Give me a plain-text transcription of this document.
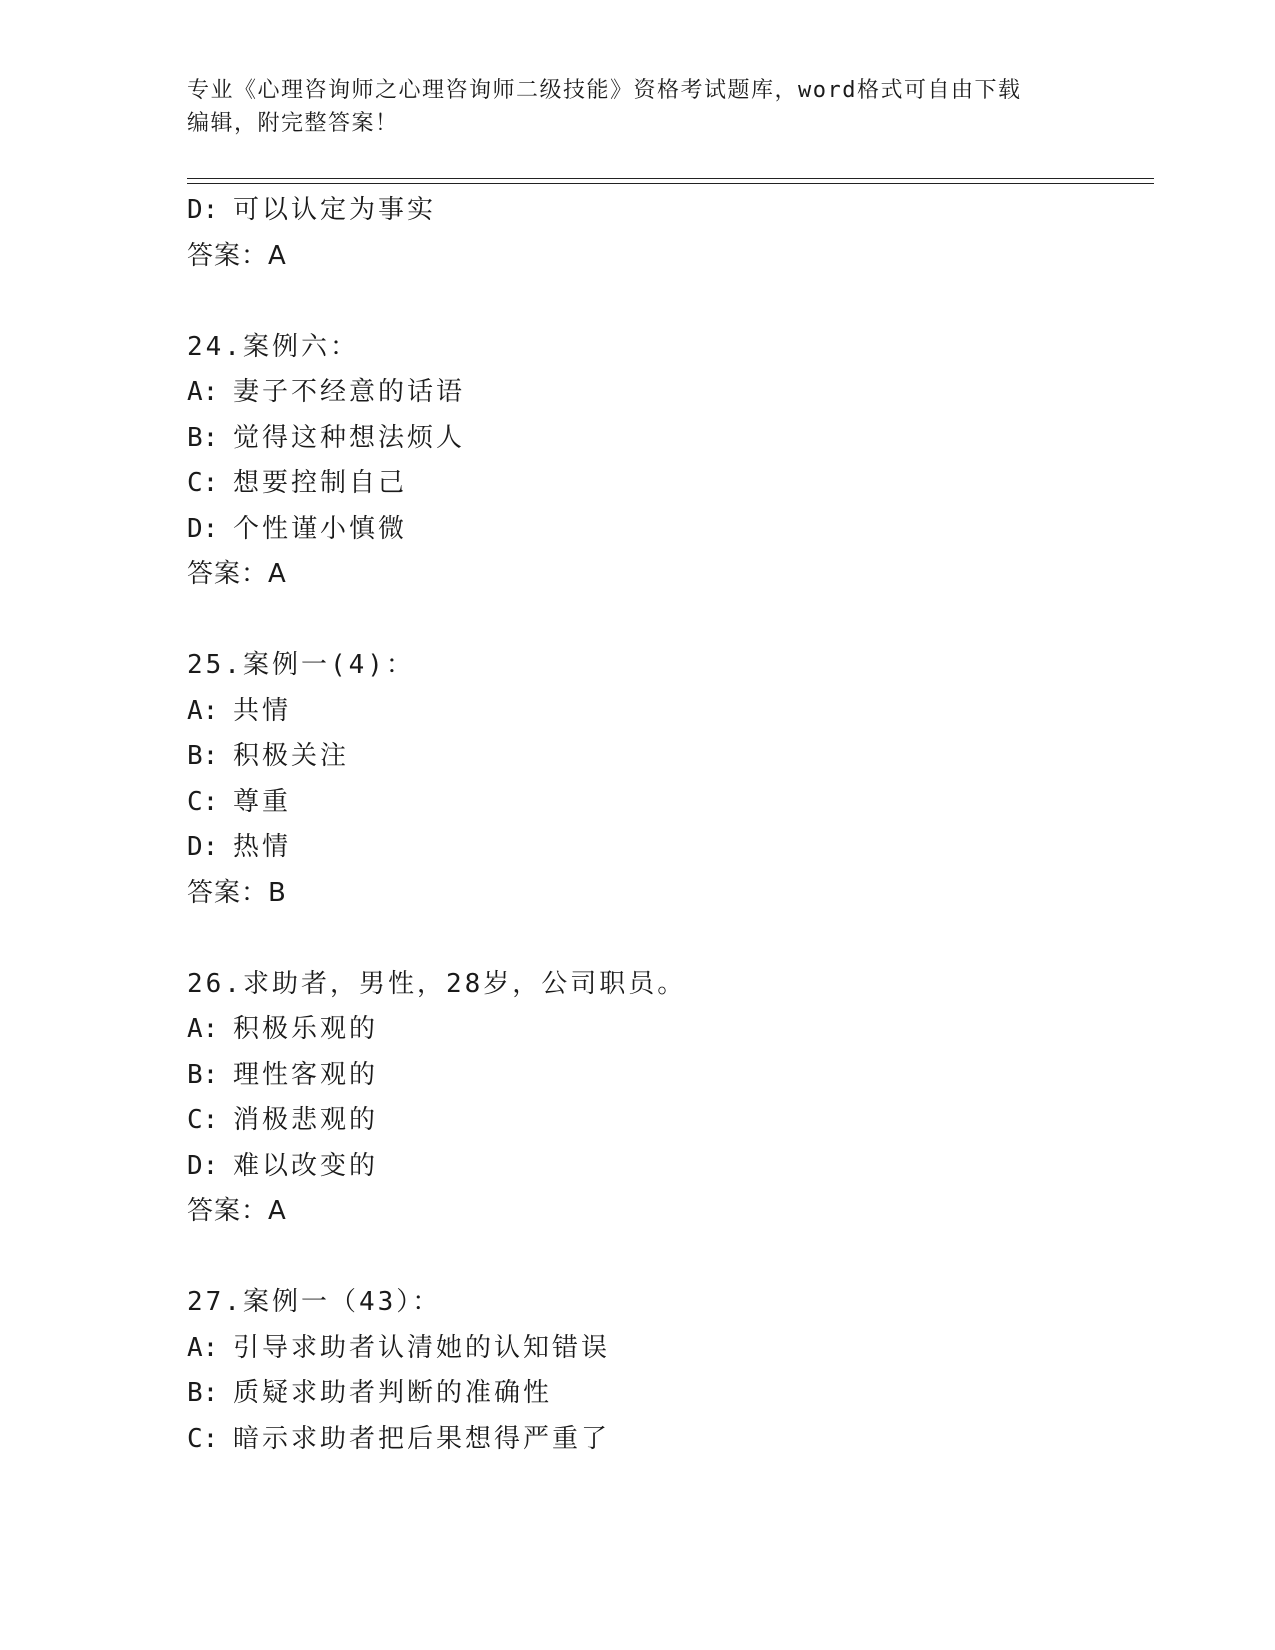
专业《心理咨询师之心理咨询师二级技能》资格考试题库，word格式可自由下载
编辑，附完整答案！
D: 可以认定为事实
答案：A
24.案例六：
A: 妻子不经意的话语
B: 觉得这种想法烦人
C: 想要控制自己
D: 个性谨小慎微
答案：A
25.案例一(4)：
A: 共情
B: 积极关注
C: 尊重
D: 热情
答案：B
26.求助者，男性，28岁，公司职员。
A: 积极乐观的
B: 理性客观的
C: 消极悲观的
D: 难以改变的
答案：A
27.案例一（43）：
A: 引导求助者认清她的认知错误
B: 质疑求助者判断的准确性
C: 暗示求助者把后果想得严重了
